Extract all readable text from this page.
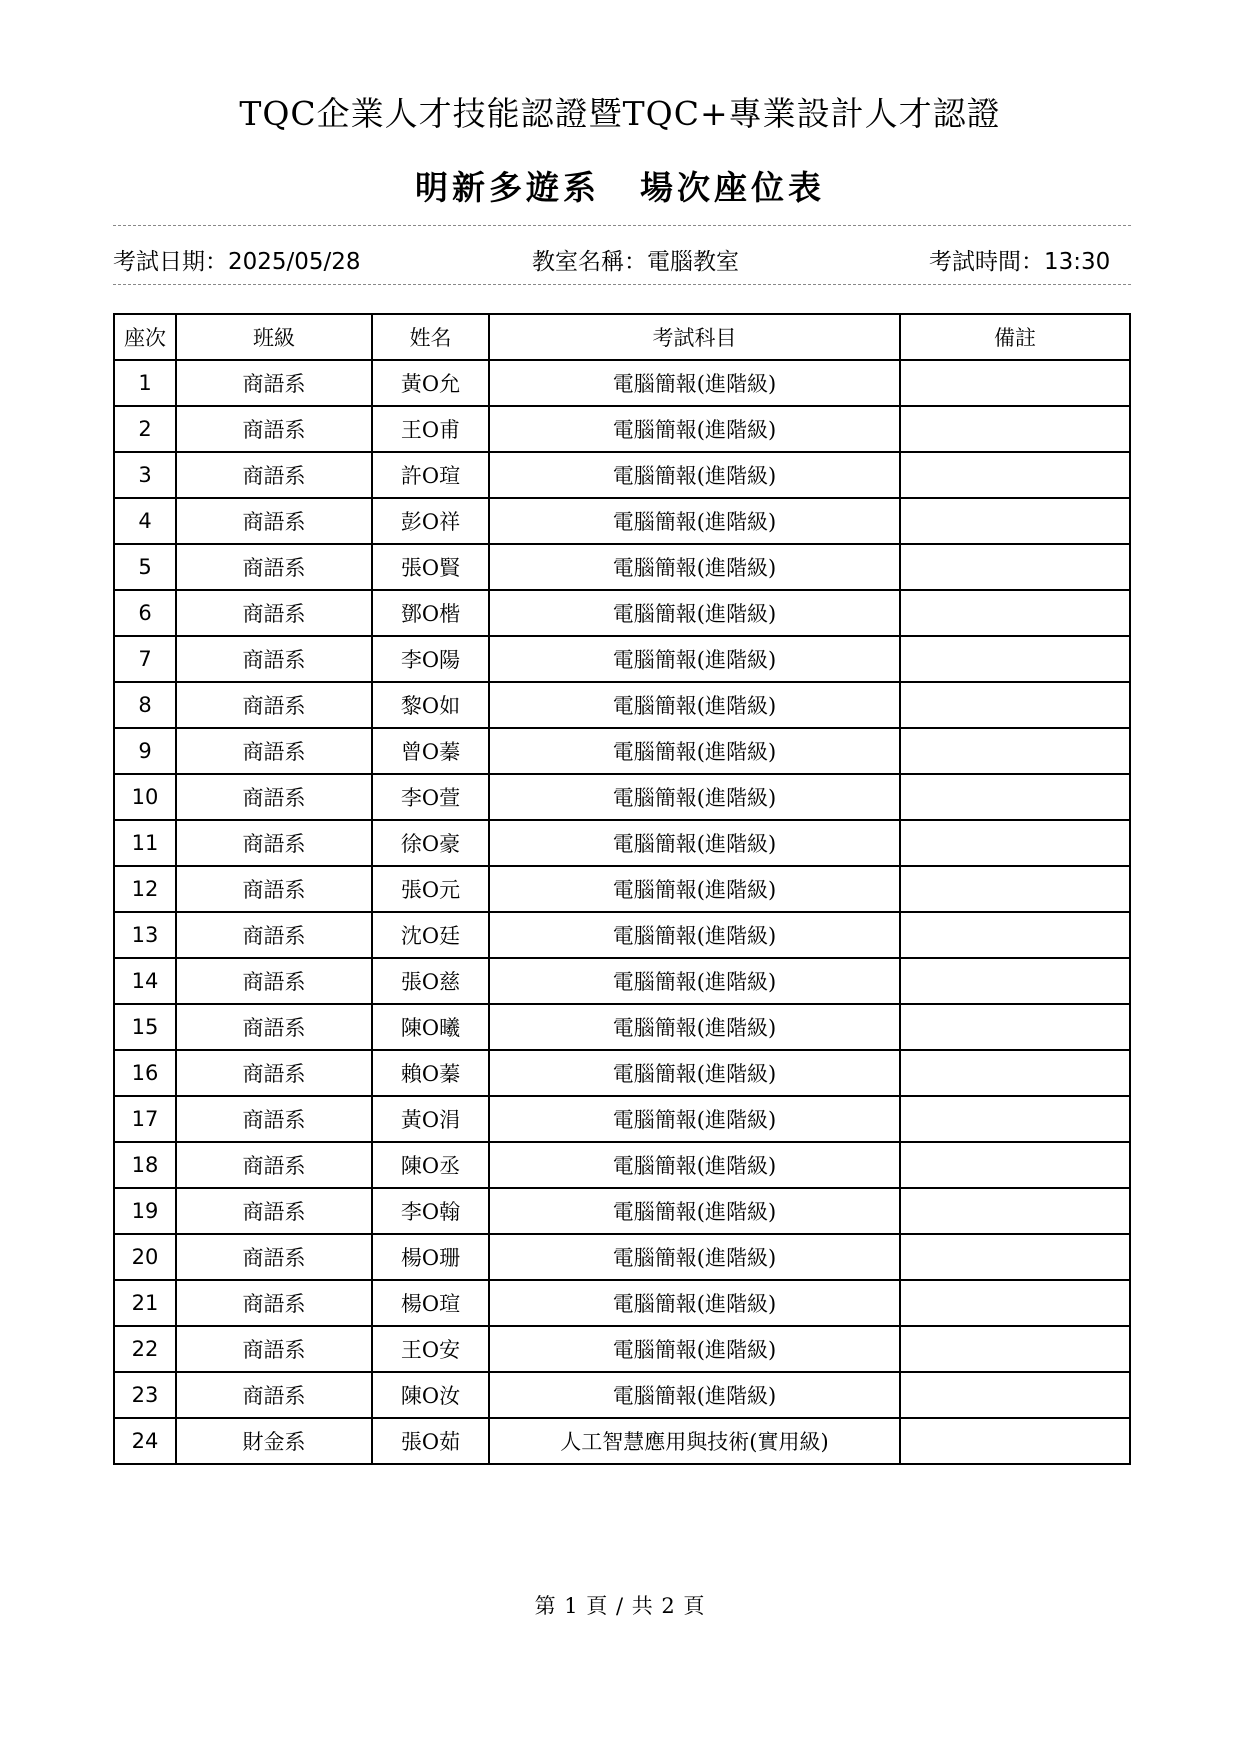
TQC企業人才技能認證暨TQC+專業設計人才認證
明新多遊系 場次座位表
考試日期：2025/05/28	教室名稱：電腦教室	考試時間：13:30
座次	班級	姓名	考試科目	備註
1	商語系	黃O允	電腦簡報(進階級)	
2	商語系	王O甫	電腦簡報(進階級)	
3	商語系	許O瑄	電腦簡報(進階級)	
4	商語系	彭O祥	電腦簡報(進階級)	
5	商語系	張O賢	電腦簡報(進階級)	
6	商語系	鄧O楷	電腦簡報(進階級)	
7	商語系	李O陽	電腦簡報(進階級)	
8	商語系	黎O如	電腦簡報(進階級)	
9	商語系	曾O蓁	電腦簡報(進階級)	
10	商語系	李O萱	電腦簡報(進階級)	
11	商語系	徐O豪	電腦簡報(進階級)	
12	商語系	張O元	電腦簡報(進階級)	
13	商語系	沈O廷	電腦簡報(進階級)	
14	商語系	張O慈	電腦簡報(進階級)	
15	商語系	陳O曦	電腦簡報(進階級)	
16	商語系	賴O蓁	電腦簡報(進階級)	
17	商語系	黃O涓	電腦簡報(進階級)	
18	商語系	陳O丞	電腦簡報(進階級)	
19	商語系	李O翰	電腦簡報(進階級)	
20	商語系	楊O珊	電腦簡報(進階級)	
21	商語系	楊O瑄	電腦簡報(進階級)	
22	商語系	王O安	電腦簡報(進階級)	
23	商語系	陳O汝	電腦簡報(進階級)	
24	財金系	張O茹	人工智慧應用與技術(實用級)	
第 1 頁 / 共 2 頁
